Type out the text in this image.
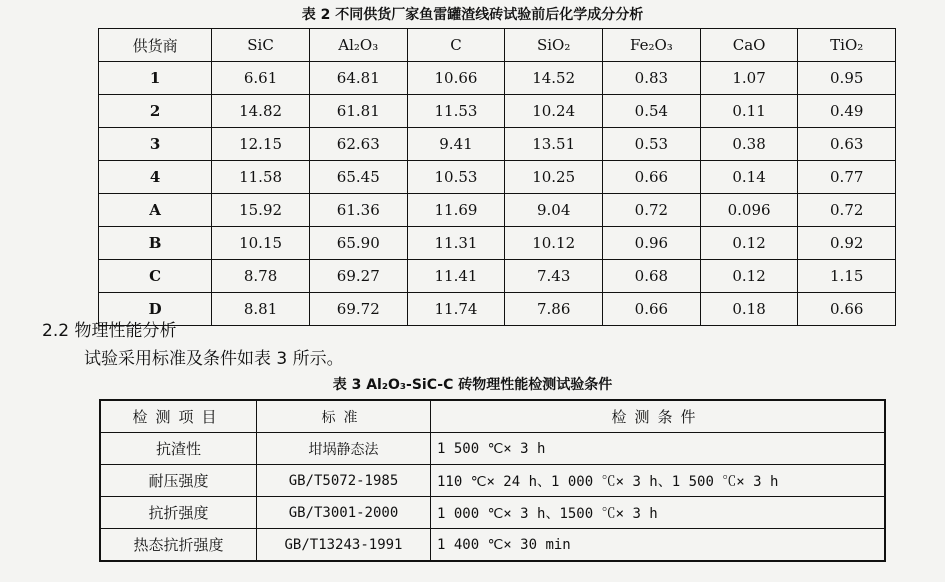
表 2 不同供货厂家鱼雷罐渣线砖试验前后化学成分分析
供货商	SiC	Al₂O₃	C	SiO₂	Fe₂O₃	CaO	TiO₂
1	6.61	64.81	10.66	14.52	0.83	1.07	0.95
2	14.82	61.81	11.53	10.24	0.54	0.11	0.49
3	12.15	62.63	9.41	13.51	0.53	0.38	0.63
4	11.58	65.45	10.53	10.25	0.66	0.14	0.77
A	15.92	61.36	11.69	9.04	0.72	0.096	0.72
B	10.15	65.90	11.31	10.12	0.96	0.12	0.92
C	8.78	69.27	11.41	7.43	0.68	0.12	1.15
D	8.81	69.72	11.74	7.86	0.66	0.18	0.66
2.2 物理性能分析
试验采用标准及条件如表 3 所示。
表 3 Al₂O₃-SiC-C 砖物理性能检测试验条件
检测项目	标准	检测条件
抗渣性	坩埚静态法	1 500 ℃× 3 h
耐压强度	GB/T5072-1985	110 ℃× 24 h、1 000 ℃× 3 h、1 500 ℃× 3 h
抗折强度	GB/T3001-2000	1 000 ℃× 3 h、1500 ℃× 3 h
热态抗折强度	GB/T13243-1991	1 400 ℃× 30 min
